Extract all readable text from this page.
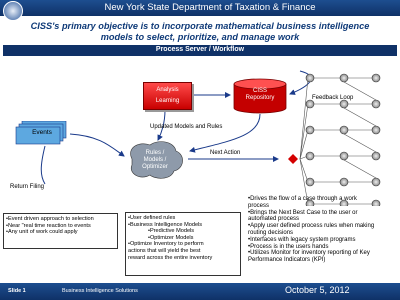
New York State Department of Taxation & Finance
CISS's primary objective is to incorporate mathematical business intelligence
models to select, prioritize, and manage work
Process Server / Workflow
Analysis
Learning
CISS
Repository
Events
Rules /
Models /
Optimizer
Feedback Loop
Updated Models and Rules
Next Action
Return Filing
•Event driven approach to selection
•Near "real time reaction to events
•Any unit of work could apply
•User defined rules
•Business Intelligence Models
•Predictive Models
•Optimizer Models
•Optimize Inventory to perform
actions that will yield the best
reward across the entire inventory
•Drives the flow of a case through a work
process
•Brings the Next Best Case to the user or
automated process
•Apply user defined process rules when making
routing decisions
•Interfaces with legacy system programs
•Process is in the users hands
•Utilizes Monitor for inventory reporting of Key
Performance Indicators (KPI)
Slide 1	Business Intelligence Solutions	October 5, 2012
